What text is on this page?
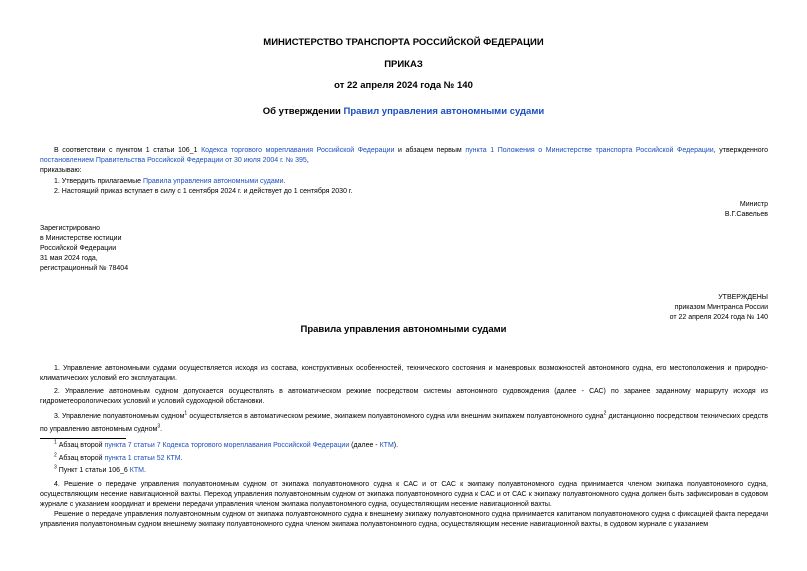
МИНИСТЕРСТВО ТРАНСПОРТА РОССИЙСКОЙ ФЕДЕРАЦИИ
ПРИКАЗ
от 22 апреля 2024 года № 140
Об утверждении Правил управления автономными судами

В соответствии с пунктом 1 статьи 106_1 Кодекса торгового мореплавания Российской Федерации и абзацем первым пункта 1 Положения о Министерстве транспорта Российской Федерации, утвержденного постановлением Правительства Российской Федерации от 30 июля 2004 г. № 395,

приказываю:

1. Утвердить прилагаемые Правила управления автономными судами.
2. Настоящий приказ вступает в силу с 1 сентября 2024 г. и действует до 1 сентября 2030 г.
Министр
В.Г.Савельев
Зарегистрировано
в Министерстве юстиции
Российской Федерации
31 мая 2024 года,
регистрационный № 78404
УТВЕРЖДЕНЫ
приказом Минтранса России
от 22 апреля 2024 года № 140
Правила управления автономными судами

1. Управление автономными судами осуществляется исходя из состава, конструктивных особенностей, технического состояния и маневровых возможностей автономного судна, его местоположения и природно-климатических условий его эксплуатации.

2. Управление автономным судном допускается осуществлять в автоматическом режиме посредством системы автономного судовождения (далее - САС) по заранее заданному маршруту исходя из гидрометеорологических условий и условий судоходной обстановки.

3. Управление полуавтономным судном$^1$ осуществляется в автоматическом режиме, экипажем полуавтономного судна или внешним экипажем полуавтономного судна$^2$ дистанционно посредством технических средств по управлению автономным судном$^3$.

$^1$ Абзац второй пункта 7 статьи 7 Кодекса торгового мореплавания Российской Федерации (далее - КТМ).
$^2$ Абзац второй пункта 1 статьи 52 КТМ.
$^3$ Пункт 1 статьи 106_6 КТМ.

4. Решение о передаче управления полуавтономным судном от экипажа полуавтономного судна к САС и от САС к экипажу полуавтономного судна принимается членом экипажа полуавтономного судна, осуществляющим несение навигационной вахты. Переход управления полуавтономным судном от экипажа полуавтономного судна к САС и от САС к экипажу полуавтономного судна должен быть зафиксирован в судовом журнале с указанием координат и времени передачи управления членом экипажа полуавтономного судна, осуществляющим несение навигационной вахты.

Решение о передаче управления полуавтономным судном от экипажа полуавтономного судна к внешнему экипажу полуавтономного судна принимается капитаном полуавтономного судна с фиксацией факта передачи управления полуавтономным судном внешнему экипажу полуавтономного судна членом экипажа полуавтономного судна, осуществляющим несение навигационной вахты, в судовом журнале с указанием
